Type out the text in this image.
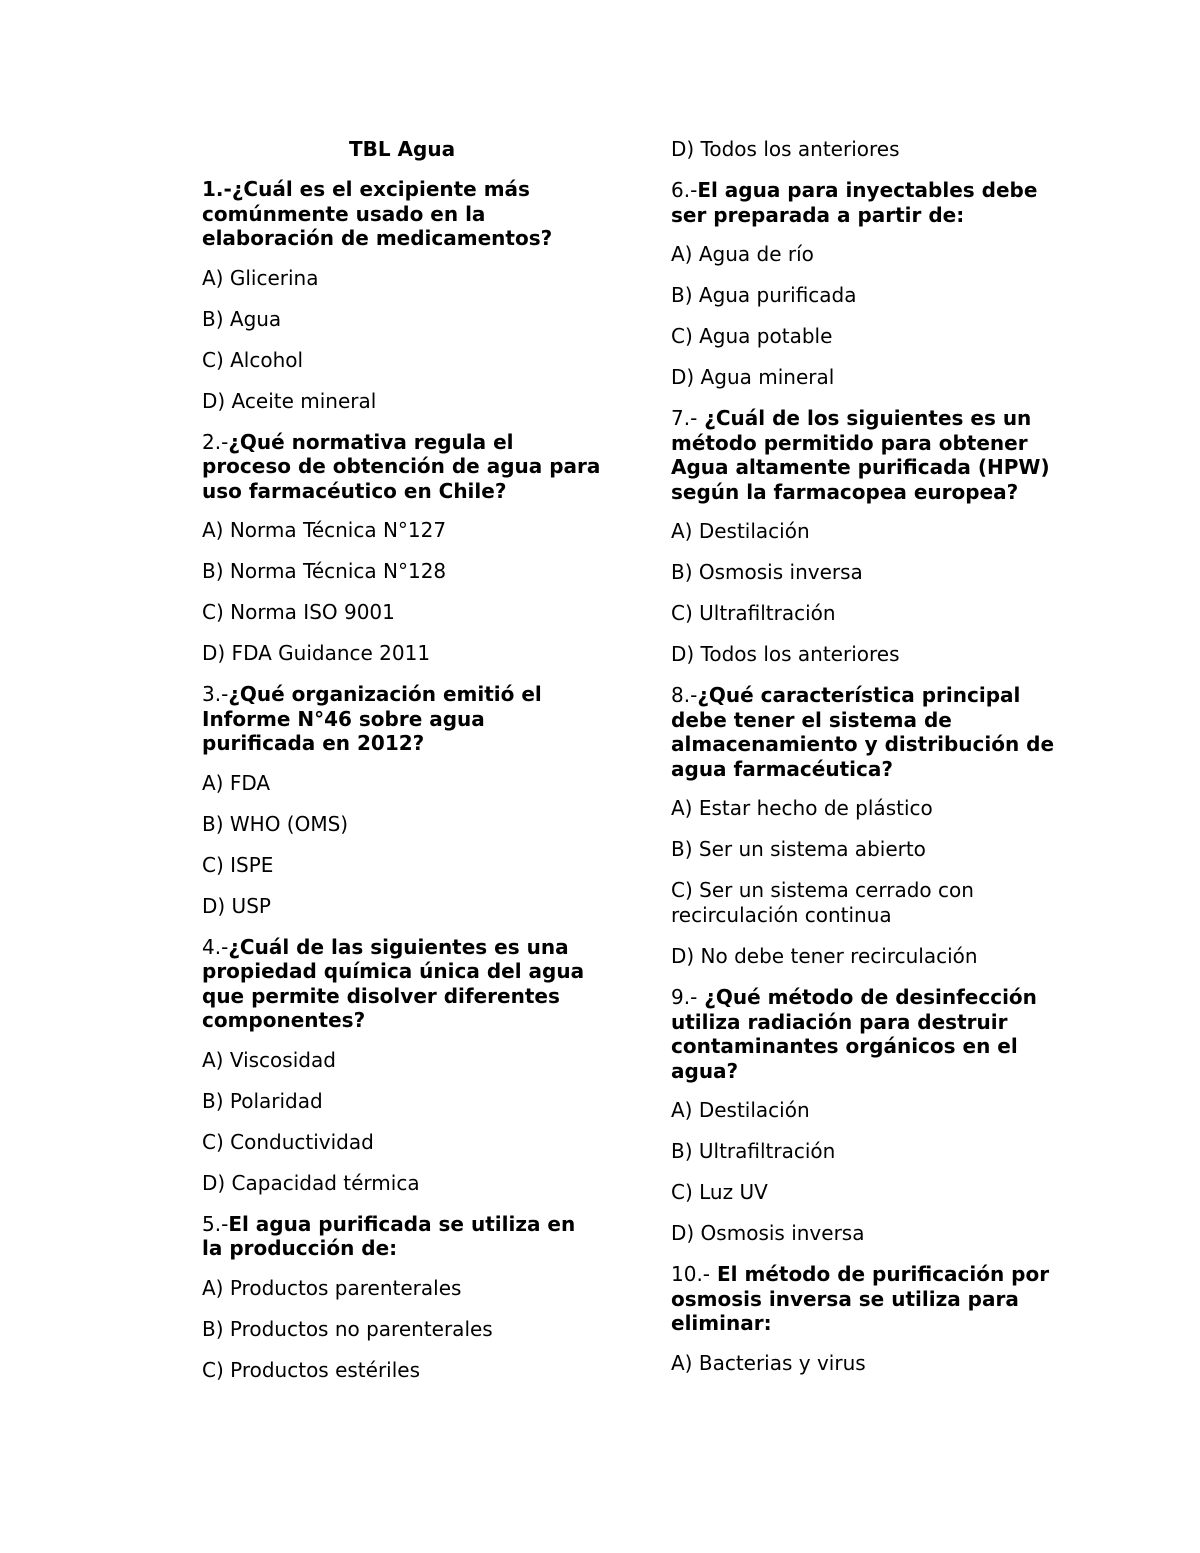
TBL Agua
1.-¿Cuál es el excipiente más comúnmente usado en la elaboración de medicamentos?
A) Glicerina
B) Agua
C) Alcohol
D) Aceite mineral
2.-¿Qué normativa regula el proceso de obtención de agua para uso farmacéutico en Chile?
A) Norma Técnica N°127
B) Norma Técnica N°128
C) Norma ISO 9001
D) FDA Guidance 2011
3.-¿Qué organización emitió el Informe N°46 sobre agua purificada en 2012?
A) FDA
B) WHO (OMS)
C) ISPE
D) USP
4.-¿Cuál de las siguientes es una propiedad química única del agua que permite disolver diferentes componentes?
A) Viscosidad
B) Polaridad
C) Conductividad
D) Capacidad térmica
5.-El agua purificada se utiliza en la producción de:
A) Productos parenterales
B) Productos no parenterales
C) Productos estériles
D) Todos los anteriores
6.-El agua para inyectables debe ser preparada a partir de:
A) Agua de río
B) Agua purificada
C) Agua potable
D) Agua mineral
7.- ¿Cuál de los siguientes es un método permitido para obtener Agua altamente purificada (HPW) según la farmacopea europea?
A) Destilación
B) Osmosis inversa
C) Ultrafiltración
D) Todos los anteriores
8.-¿Qué característica principal debe tener el sistema de almacenamiento y distribución de agua farmacéutica?
A) Estar hecho de plástico
B) Ser un sistema abierto
C) Ser un sistema cerrado con recirculación continua
D) No debe tener recirculación
9.- ¿Qué método de desinfección utiliza radiación para destruir contaminantes orgánicos en el agua?
A) Destilación
B) Ultrafiltración
C) Luz UV
D) Osmosis inversa
10.- El método de purificación por osmosis inversa se utiliza para eliminar:
A) Bacterias y virus
